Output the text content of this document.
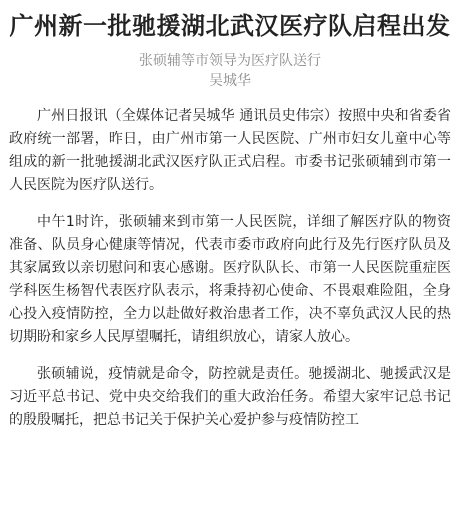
广州新一批驰援湖北武汉医疗队启程出发
张硕辅等市领导为医疗队送行
吴城华

广州日报讯（全媒体记者吴城华 通讯员史伟宗）按照中央和省委省政府统一部署，昨日，由广州市第一人民医院、广州市妇女儿童中心等组成的新一批驰援湖北武汉医疗队正式启程。市委书记张硕辅到市第一人民医院为医疗队送行。

中午1时许，张硕辅来到市第一人民医院，详细了解医疗队的物资准备、队员身心健康等情况，代表市委市政府向此行及先行医疗队员及其家属致以亲切慰问和衷心感谢。医疗队队长、市第一人民医院重症医学科医生杨智代表医疗队表示，将秉持初心使命、不畏艰难险阻，全身心投入疫情防控，全力以赴做好救治患者工作，决不辜负武汉人民的热切期盼和家乡人民厚望嘱托，请组织放心，请家人放心。

张硕辅说，疫情就是命令，防控就是责任。驰援湖北、驰援武汉是习近平总书记、党中央交给我们的重大政治任务。希望大家牢记总书记的殷殷嘱托，把总书记关于保护关心爱护参与疫情防控工
